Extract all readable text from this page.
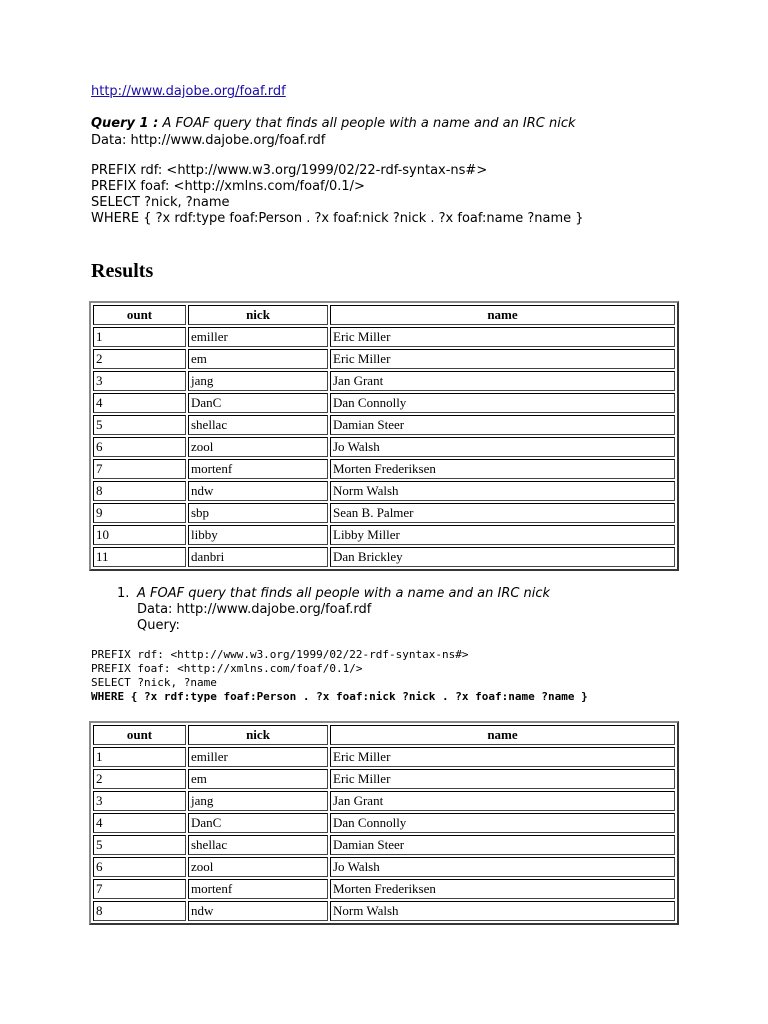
http://www.dajobe.org/foaf.rdf
Query 1 : A FOAF query that finds all people with a name and an IRC nick
Data: http://www.dajobe.org/foaf.rdf
PREFIX rdf: <http://www.w3.org/1999/02/22-rdf-syntax-ns#>
PREFIX foaf: <http://xmlns.com/foaf/0.1/>
SELECT ?nick, ?name
WHERE { ?x rdf:type foaf:Person . ?x foaf:nick ?nick . ?x foaf:name ?name }
Results
ount	nick	name
1	emiller	Eric Miller
2	em	Eric Miller
3	jang	Jan Grant
4	DanC	Dan Connolly
5	shellac	Damian Steer
6	zool	Jo Walsh
7	mortenf	Morten Frederiksen
8	ndw	Norm Walsh
9	sbp	Sean B. Palmer
10	libby	Libby Miller
11	danbri	Dan Brickley
1. A FOAF query that finds all people with a name and an IRC nick
Data: http://www.dajobe.org/foaf.rdf
Query:
PREFIX rdf: <http://www.w3.org/1999/02/22-rdf-syntax-ns#>
PREFIX foaf: <http://xmlns.com/foaf/0.1/>
SELECT ?nick, ?name
WHERE { ?x rdf:type foaf:Person . ?x foaf:nick ?nick . ?x foaf:name ?name }
ount	nick	name
1	emiller	Eric Miller
2	em	Eric Miller
3	jang	Jan Grant
4	DanC	Dan Connolly
5	shellac	Damian Steer
6	zool	Jo Walsh
7	mortenf	Morten Frederiksen
8	ndw	Norm Walsh
